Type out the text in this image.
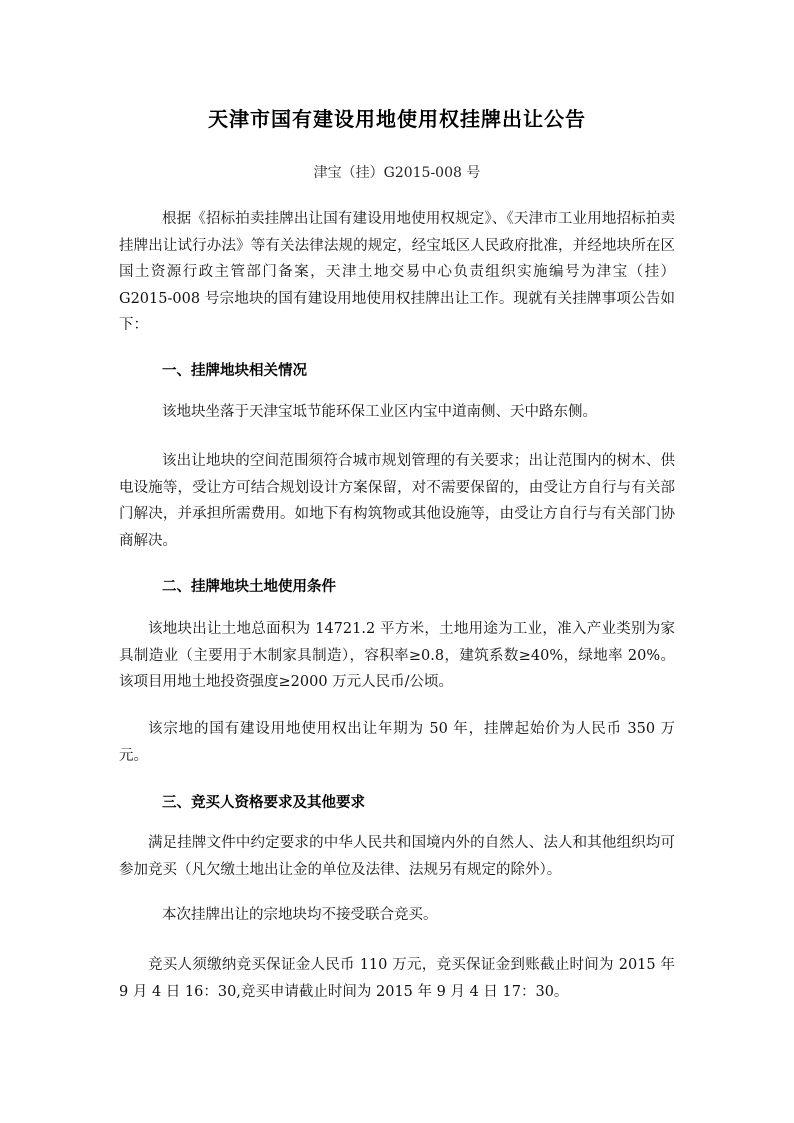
天津市国有建设用地使用权挂牌出让公告
津宝（挂）G2015-008 号
根据《招标拍卖挂牌出让国有建设用地使用权规定》、《天津市工业用地招标拍卖挂牌出让试行办法》等有关法律法规的规定，经宝坻区人民政府批准，并经地块所在区国土资源行政主管部门备案，天津土地交易中心负责组织实施编号为津宝（挂）G2015-008 号宗地块的国有建设用地使用权挂牌出让工作。现就有关挂牌事项公告如下：
一、挂牌地块相关情况
该地块坐落于天津宝坻节能环保工业区内宝中道南侧、天中路东侧。
该出让地块的空间范围须符合城市规划管理的有关要求；出让范围内的树木、供电设施等，受让方可结合规划设计方案保留，对不需要保留的，由受让方自行与有关部门解决，并承担所需费用。如地下有构筑物或其他设施等，由受让方自行与有关部门协商解决。
二、挂牌地块土地使用条件
该地块出让土地总面积为 14721.2 平方米，土地用途为工业，准入产业类别为家具制造业（主要用于木制家具制造），容积率≥0.8，建筑系数≥40%，绿地率 20%。该项目用地土地投资强度≥2000 万元人民币/公顷。
该宗地的国有建设用地使用权出让年期为 50 年，挂牌起始价为人民币 350 万元。
三、竞买人资格要求及其他要求
满足挂牌文件中约定要求的中华人民共和国境内外的自然人、法人和其他组织均可参加竞买（凡欠缴土地出让金的单位及法律、法规另有规定的除外）。
本次挂牌出让的宗地块均不接受联合竞买。
竞买人须缴纳竞买保证金人民币 110 万元，竞买保证金到账截止时间为 2015 年 9 月 4 日 16：30,竞买申请截止时间为 2015 年 9 月 4 日 17：30。
